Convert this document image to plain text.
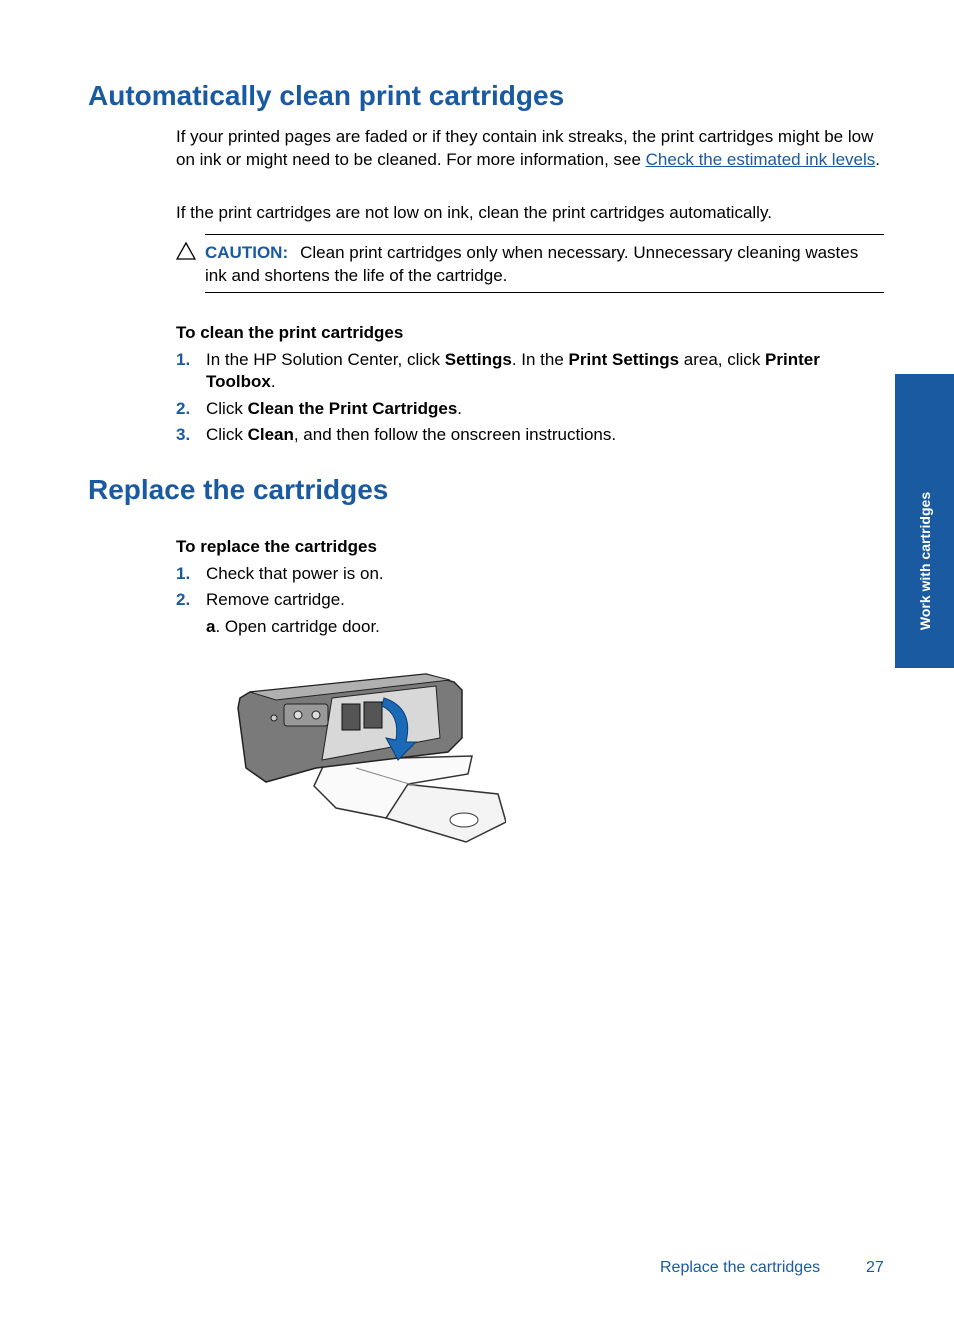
Automatically clean print cartridges

If your printed pages are faded or if they contain ink streaks, the print cartridges might be low on ink or might need to be cleaned. For more information, see Check the estimated ink levels.

If the print cartridges are not low on ink, clean the print cartridges automatically.

CAUTION: Clean print cartridges only when necessary. Unnecessary cleaning wastes ink and shortens the life of the cartridge.
To clean the print cartridges
1. In the HP Solution Center, click Settings. In the Print Settings area, click Printer Toolbox.
2. Click Clean the Print Cartridges.
3. Click Clean, and then follow the onscreen instructions.
Replace the cartridges
To replace the cartridges
1. Check that power is on.
2. Remove cartridge.
a. Open cartridge door.	Work with cartridges
Replace the cartridges	27
